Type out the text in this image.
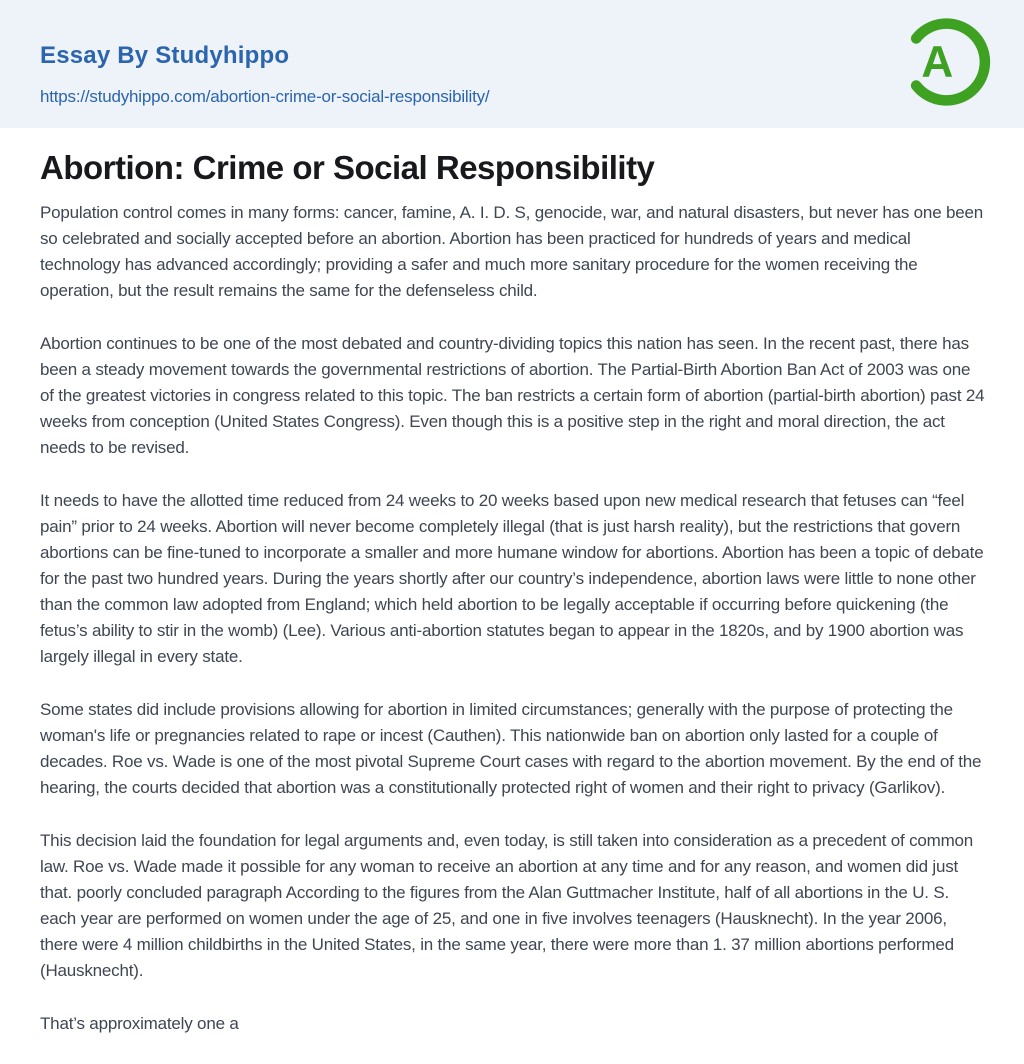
Essay By Studyhippo
https://studyhippo.com/abortion-crime-or-social-responsibility/
A
Abortion: Crime or Social Responsibility

Population control comes in many forms: cancer, famine, A. I. D. S, genocide, war, and natural disasters, but never has one been so celebrated and socially accepted before an abortion. Abortion has been practiced for hundreds of years and medical technology has advanced accordingly; providing a safer and much more sanitary procedure for the women receiving the operation, but the result remains the same for the defenseless child.

Abortion continues to be one of the most debated and country-dividing topics this nation has seen. In the recent past, there has been a steady movement towards the governmental restrictions of abortion. The Partial-Birth Abortion Ban Act of 2003 was one of the greatest victories in congress related to this topic. The ban restricts a certain form of abortion (partial-birth abortion) past 24 weeks from conception (United States Congress). Even though this is a positive step in the right and moral direction, the act needs to be revised.

It needs to have the allotted time reduced from 24 weeks to 20 weeks based upon new medical research that fetuses can “feel pain” prior to 24 weeks. Abortion will never become completely illegal (that is just harsh reality), but the restrictions that govern abortions can be fine-tuned to incorporate a smaller and more humane window for abortions. Abortion has been a topic of debate for the past two hundred years. During the years shortly after our country’s independence, abortion laws were little to none other than the common law adopted from England; which held abortion to be legally acceptable if occurring before quickening (the fetus’s ability to stir in the womb) (Lee). Various anti-abortion statutes began to appear in the 1820s, and by 1900 abortion was largely illegal in every state.

Some states did include provisions allowing for abortion in limited circumstances; generally with the purpose of protecting the woman's life or pregnancies related to rape or incest (Cauthen). This nationwide ban on abortion only lasted for a couple of decades. Roe vs. Wade is one of the most pivotal Supreme Court cases with regard to the abortion movement. By the end of the hearing, the courts decided that abortion was a constitutionally protected right of women and their right to privacy (Garlikov).

This decision laid the foundation for legal arguments and, even today, is still taken into consideration as a precedent of common law. Roe vs. Wade made it possible for any woman to receive an abortion at any time and for any reason, and women did just that. poorly concluded paragraph According to the figures from the Alan Guttmacher Institute, half of all abortions in the U. S. each year are performed on women under the age of 25, and one in five involves teenagers (Hausknecht). In the year 2006, there were 4 million childbirths in the United States, in the same year, there were more than 1. 37 million abortions performed (Hausknecht).

That’s approximately one a
